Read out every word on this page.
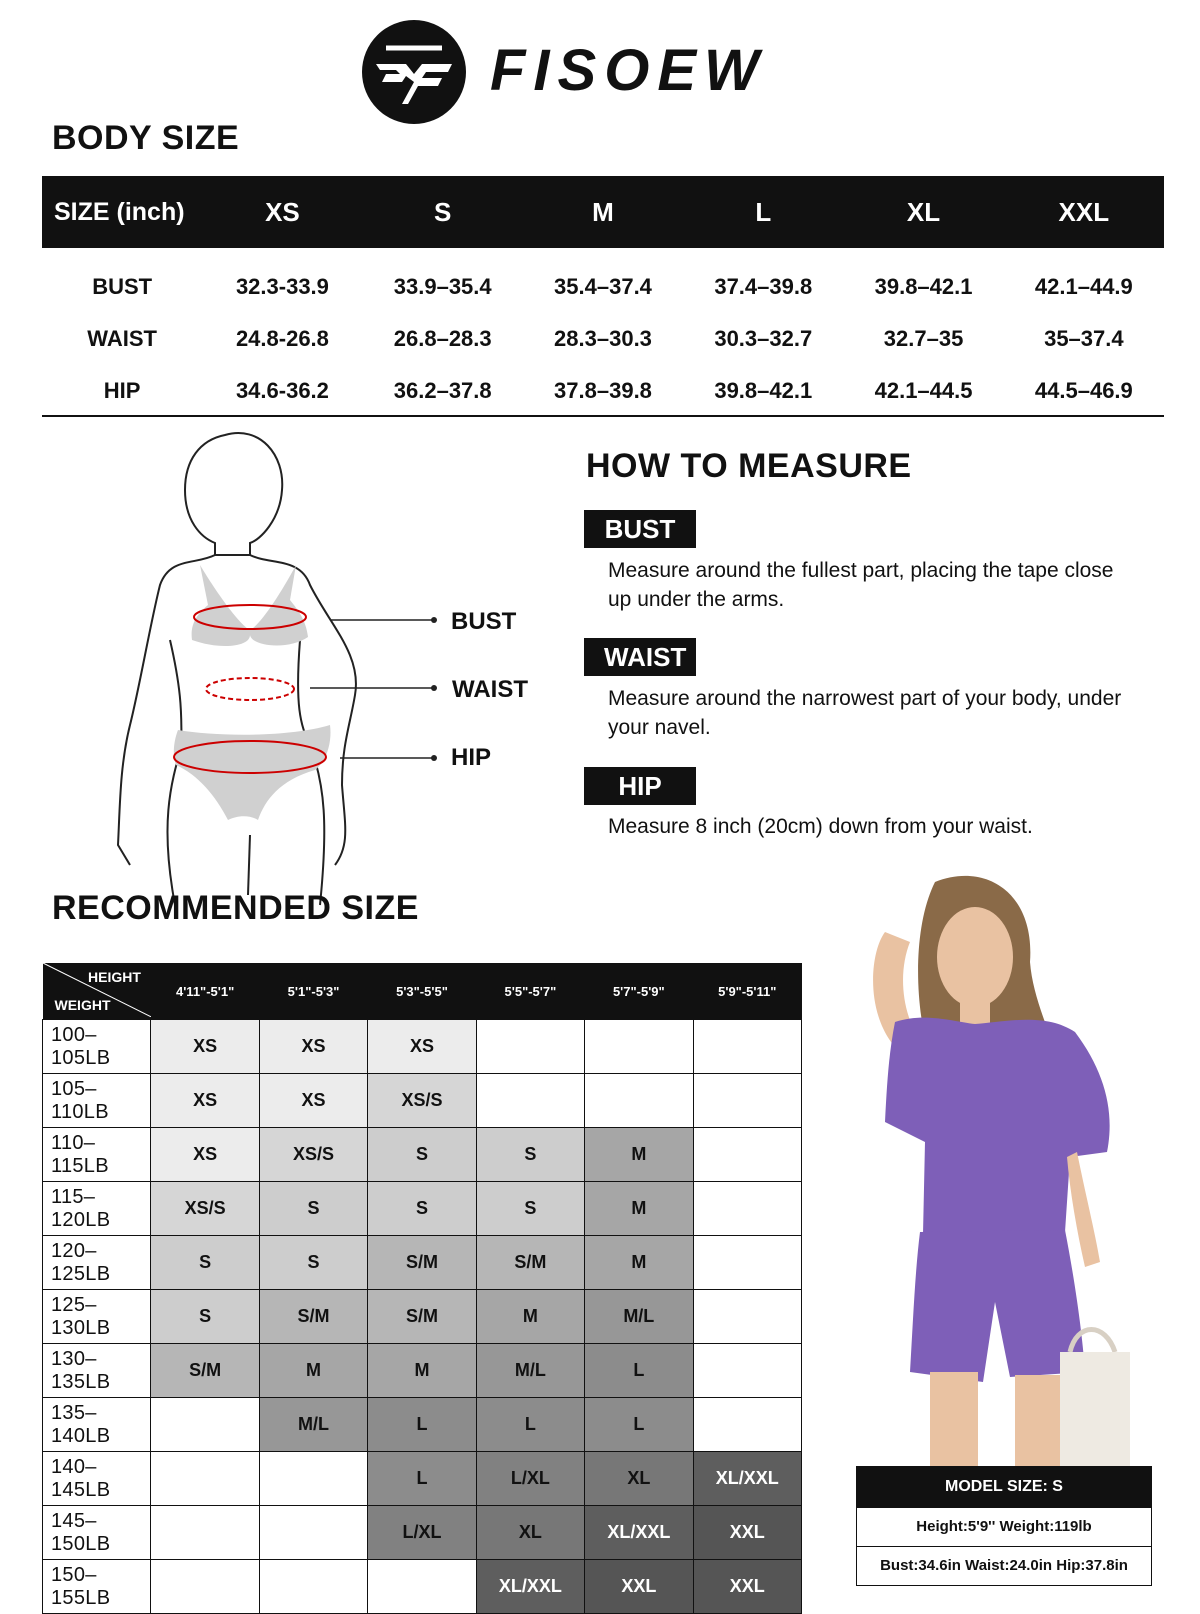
FISOEW
BODY SIZE
SIZE (inch)	XS	S	M	L	XL	XXL
BUST	32.3-33.9	33.9–35.4	35.4–37.4	37.4–39.8	39.8–42.1	42.1–44.9
WAIST	24.8-26.8	26.8–28.3	28.3–30.3	30.3–32.7	32.7–35	35–37.4
HIP	34.6-36.2	36.2–37.8	37.8–39.8	39.8–42.1	42.1–44.5	44.5–46.9
BUST
WAIST
HIP
HOW TO MEASURE
BUST
Measure around the fullest part, placing the tape close up under the arms.
WAIST
Measure around the narrowest part of your body, under your navel.
HIP
Measure 8 inch (20cm) down from your waist.
RECOMMENDED SIZE
HEIGHT
WEIGHT	4'11"-5'1"	5'1"-5'3"	5'3"-5'5"	5'5"-5'7"	5'7"-5'9"	5'9"-5'11"
100–105LB	XS	XS	XS			
105–110LB	XS	XS	XS/S			
110–115LB	XS	XS/S	S	S	M	
115–120LB	XS/S	S	S	S	M	
120–125LB	S	S	S/M	S/M	M	
125–130LB	S	S/M	S/M	M	M/L	
130–135LB	S/M	M	M	M/L	L	
135–140LB		M/L	L	L	L	
140–145LB			L	L/XL	XL	XL/XXL
145–150LB			L/XL	XL	XL/XXL	XXL
150–155LB				XL/XXL	XXL	XXL
MODEL SIZE: S
Height:5'9'' Weight:119lb
Bust:34.6in Waist:24.0in Hip:37.8in
